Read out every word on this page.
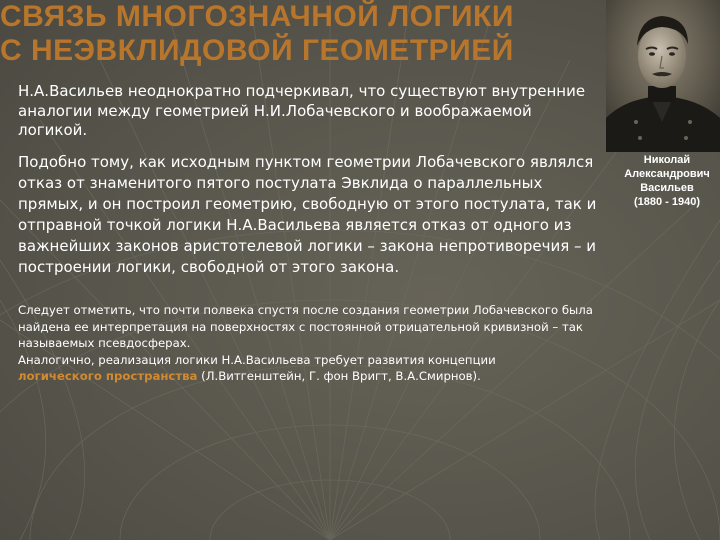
СВЯЗЬ МНОГОЗНАЧНОЙ ЛОГИКИ
С НЕЭВКЛИДОВОЙ ГЕОМЕТРИЕЙ

Н.А.Васильев неоднократно подчеркивал, что существуют внутренние аналогии между геометрией Н.И.Лобачевского и воображаемой логикой.

Подобно тому, как исходным пунктом геометрии Лобачевского являлся отказ от знаменитого пятого постулата Эвклида о параллельных прямых, и он построил геометрию, свободную от этого постулата, так и отправной точкой логики Н.А.Васильева является отказ от одного из важнейших законов аристотелевой логики – закона непротиворечия – и построении логики, свободной от этого закона.

Следует отметить, что почти полвека спустя после создания геометрии Лобачевского была найдена ее интерпретация на поверхностях с постоянной отрицательной кривизной – так называемых псевдосферах.
Аналогично, реализация логики Н.А.Васильева требует развития концепции
логического пространства (Л.Витгенштейн, Г. фон Вригт, В.А.Смирнов).

Николай
Александрович
Васильев
(1880 - 1940)
